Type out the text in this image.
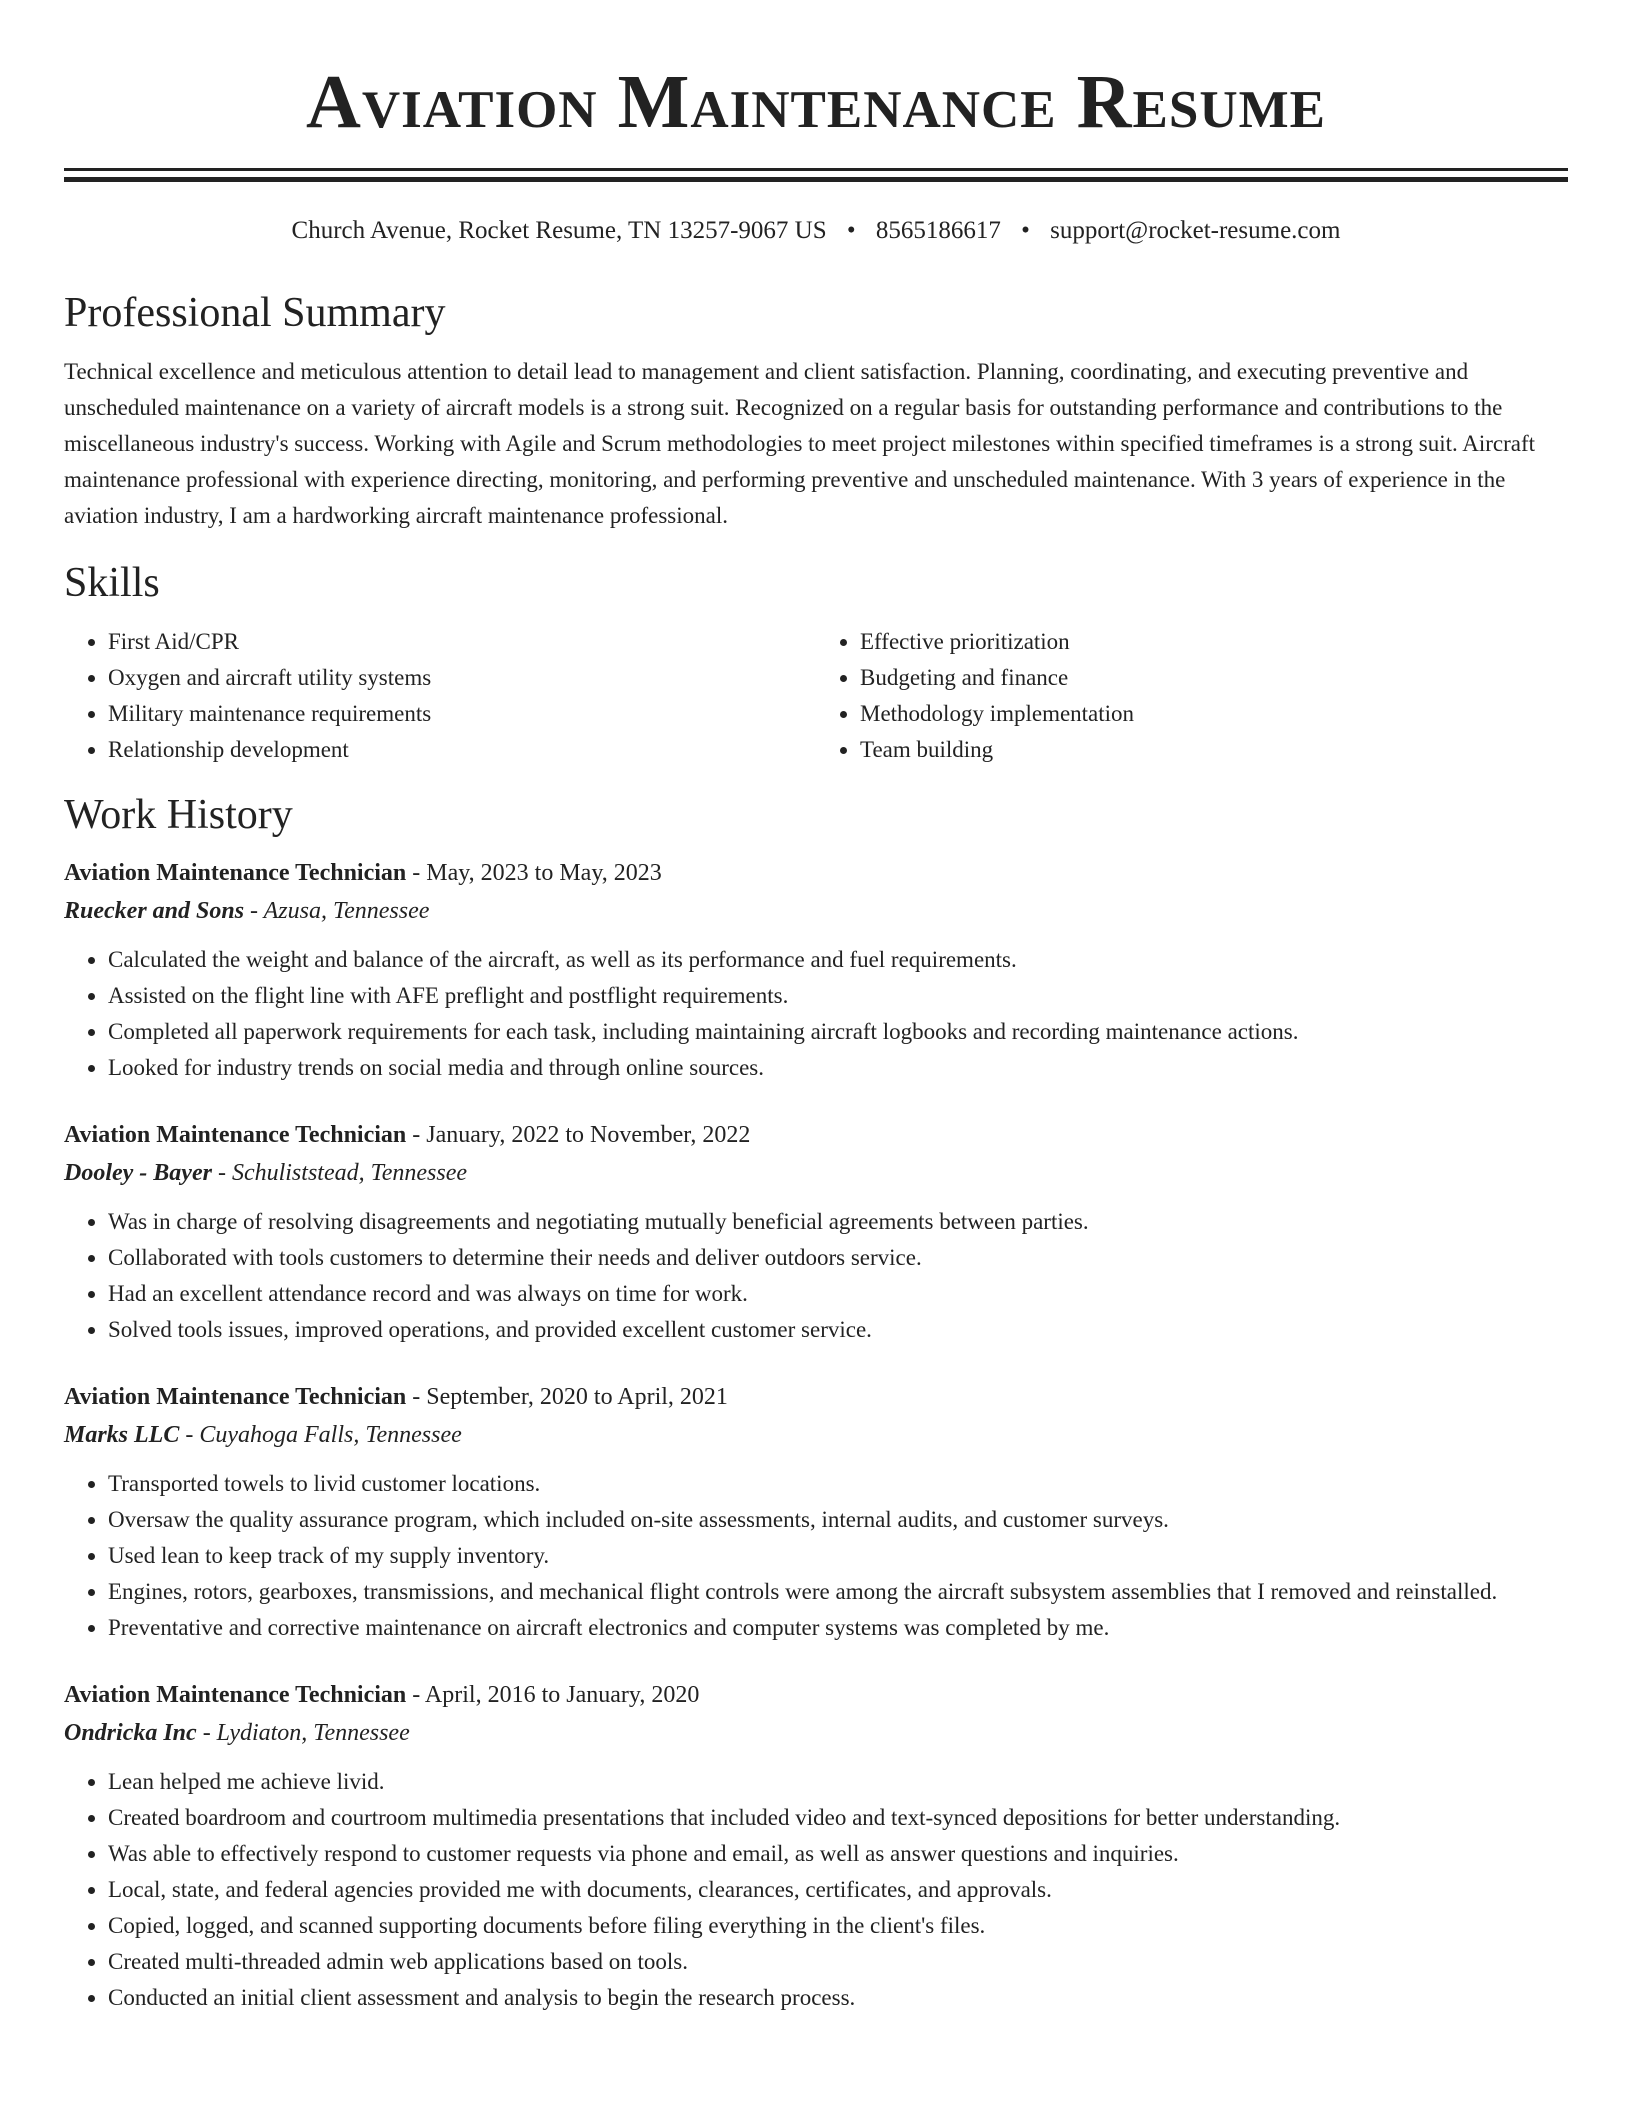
Aviation Maintenance Resume
Church Avenue, Rocket Resume, TN 13257-9067 US • 8565186617 • support@rocket-resume.com
Professional Summary

Technical excellence and meticulous attention to detail lead to management and client satisfaction. Planning, coordinating, and executing preventive and unscheduled maintenance on a variety of aircraft models is a strong suit. Recognized on a regular basis for outstanding performance and contributions to the miscellaneous industry's success. Working with Agile and Scrum methodologies to meet project milestones within specified timeframes is a strong suit. Aircraft maintenance professional with experience directing, monitoring, and performing preventive and unscheduled maintenance. With 3 years of experience in the aviation industry, I am a hardworking aircraft maintenance professional.

Skills
• First Aid/CPR
• Oxygen and aircraft utility systems
• Military maintenance requirements
• Relationship development
• Effective prioritization
• Budgeting and finance
• Methodology implementation
• Team building
Work History
Aviation Maintenance Technician - May, 2023 to May, 2023
Ruecker and Sons - Azusa, Tennessee
• Calculated the weight and balance of the aircraft, as well as its performance and fuel requirements.
• Assisted on the flight line with AFE preflight and postflight requirements.
• Completed all paperwork requirements for each task, including maintaining aircraft logbooks and recording maintenance actions.
• Looked for industry trends on social media and through online sources.
Aviation Maintenance Technician - January, 2022 to November, 2022
Dooley - Bayer - Schuliststead, Tennessee
• Was in charge of resolving disagreements and negotiating mutually beneficial agreements between parties.
• Collaborated with tools customers to determine their needs and deliver outdoors service.
• Had an excellent attendance record and was always on time for work.
• Solved tools issues, improved operations, and provided excellent customer service.
Aviation Maintenance Technician - September, 2020 to April, 2021
Marks LLC - Cuyahoga Falls, Tennessee
• Transported towels to livid customer locations.
• Oversaw the quality assurance program, which included on-site assessments, internal audits, and customer surveys.
• Used lean to keep track of my supply inventory.
• Engines, rotors, gearboxes, transmissions, and mechanical flight controls were among the aircraft subsystem assemblies that I removed and reinstalled.
• Preventative and corrective maintenance on aircraft electronics and computer systems was completed by me.
Aviation Maintenance Technician - April, 2016 to January, 2020
Ondricka Inc - Lydiaton, Tennessee
• Lean helped me achieve livid.
• Created boardroom and courtroom multimedia presentations that included video and text-synced depositions for better understanding.
• Was able to effectively respond to customer requests via phone and email, as well as answer questions and inquiries.
• Local, state, and federal agencies provided me with documents, clearances, certificates, and approvals.
• Copied, logged, and scanned supporting documents before filing everything in the client's files.
• Created multi-threaded admin web applications based on tools.
• Conducted an initial client assessment and analysis to begin the research process.
